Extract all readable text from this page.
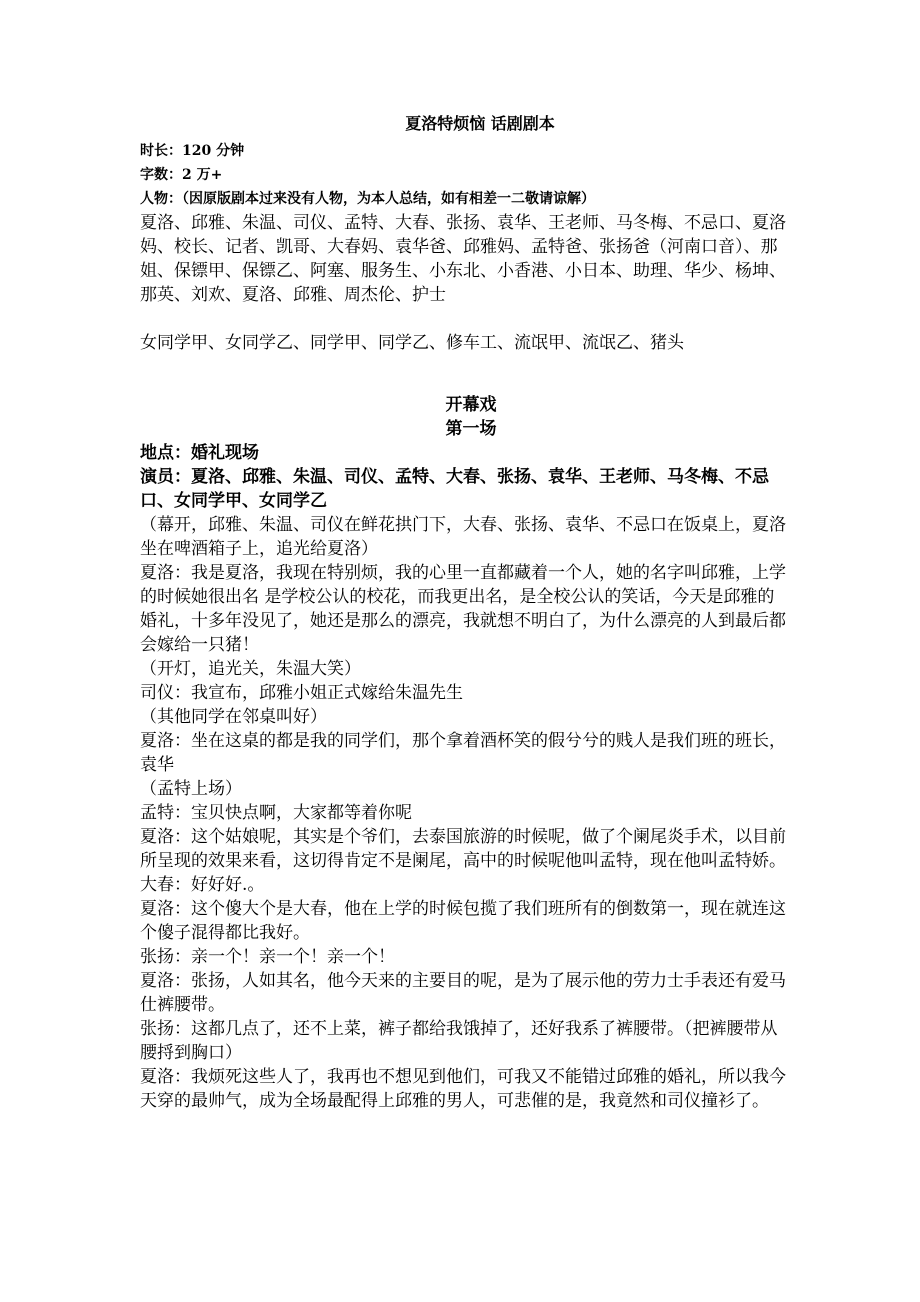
夏洛特烦恼 话剧剧本
时长：120 分钟
字数：2 万+
人物：（因原版剧本过来没有人物，为本人总结，如有相差一二敬请谅解）

夏洛、邱雅、朱温、司仪、孟特、大春、张扬、袁华、王老师、马冬梅、不忌口、夏洛妈、校长、记者、凯哥、大春妈、袁华爸、邱雅妈、孟特爸、张扬爸（河南口音）、那姐、保镖甲、保镖乙、阿塞、服务生、小东北、小香港、小日本、助理、华少、杨坤、那英、刘欢、夏洛、邱雅、周杰伦、护士

女同学甲、女同学乙、同学甲、同学乙、修车工、流氓甲、流氓乙、猪头

开幕戏
第一场

地点：婚礼现场

演员：夏洛、邱雅、朱温、司仪、孟特、大春、张扬、袁华、王老师、马冬梅、不忌口、女同学甲、女同学乙

（幕开，邱雅、朱温、司仪在鲜花拱门下，大春、张扬、袁华、不忌口在饭桌上，夏洛坐在啤酒箱子上，追光给夏洛）

夏洛：我是夏洛，我现在特别烦，我的心里一直都藏着一个人，她的名字叫邱雅，上学的时候她很出名 是学校公认的校花，而我更出名，是全校公认的笑话，今天是邱雅的婚礼，十多年没见了，她还是那么的漂亮，我就想不明白了，为什么漂亮的人到最后都会嫁给一只猪！

（开灯，追光关，朱温大笑）

司仪：我宣布，邱雅小姐正式嫁给朱温先生

（其他同学在邻桌叫好）

夏洛：坐在这桌的都是我的同学们，那个拿着酒杯笑的假兮兮的贱人是我们班的班长，袁华

（孟特上场）

孟特：宝贝快点啊，大家都等着你呢

夏洛：这个姑娘呢，其实是个爷们，去泰国旅游的时候呢，做了个阑尾炎手术，以目前所呈现的效果来看，这切得肯定不是阑尾，高中的时候呢他叫孟特，现在他叫孟特娇。

大春：好好好.。

夏洛：这个傻大个是大春，他在上学的时候包揽了我们班所有的倒数第一，现在就连这个傻子混得都比我好。

张扬：亲一个！亲一个！亲一个！

夏洛：张扬，人如其名，他今天来的主要目的呢，是为了展示他的劳力士手表还有爱马仕裤腰带。

张扬：这都几点了，还不上菜，裤子都给我饿掉了，还好我系了裤腰带。（把裤腰带从腰捋到胸口）

夏洛：我烦死这些人了，我再也不想见到他们，可我又不能错过邱雅的婚礼，所以我今天穿的最帅气，成为全场最配得上邱雅的男人，可悲催的是，我竟然和司仪撞衫了。
